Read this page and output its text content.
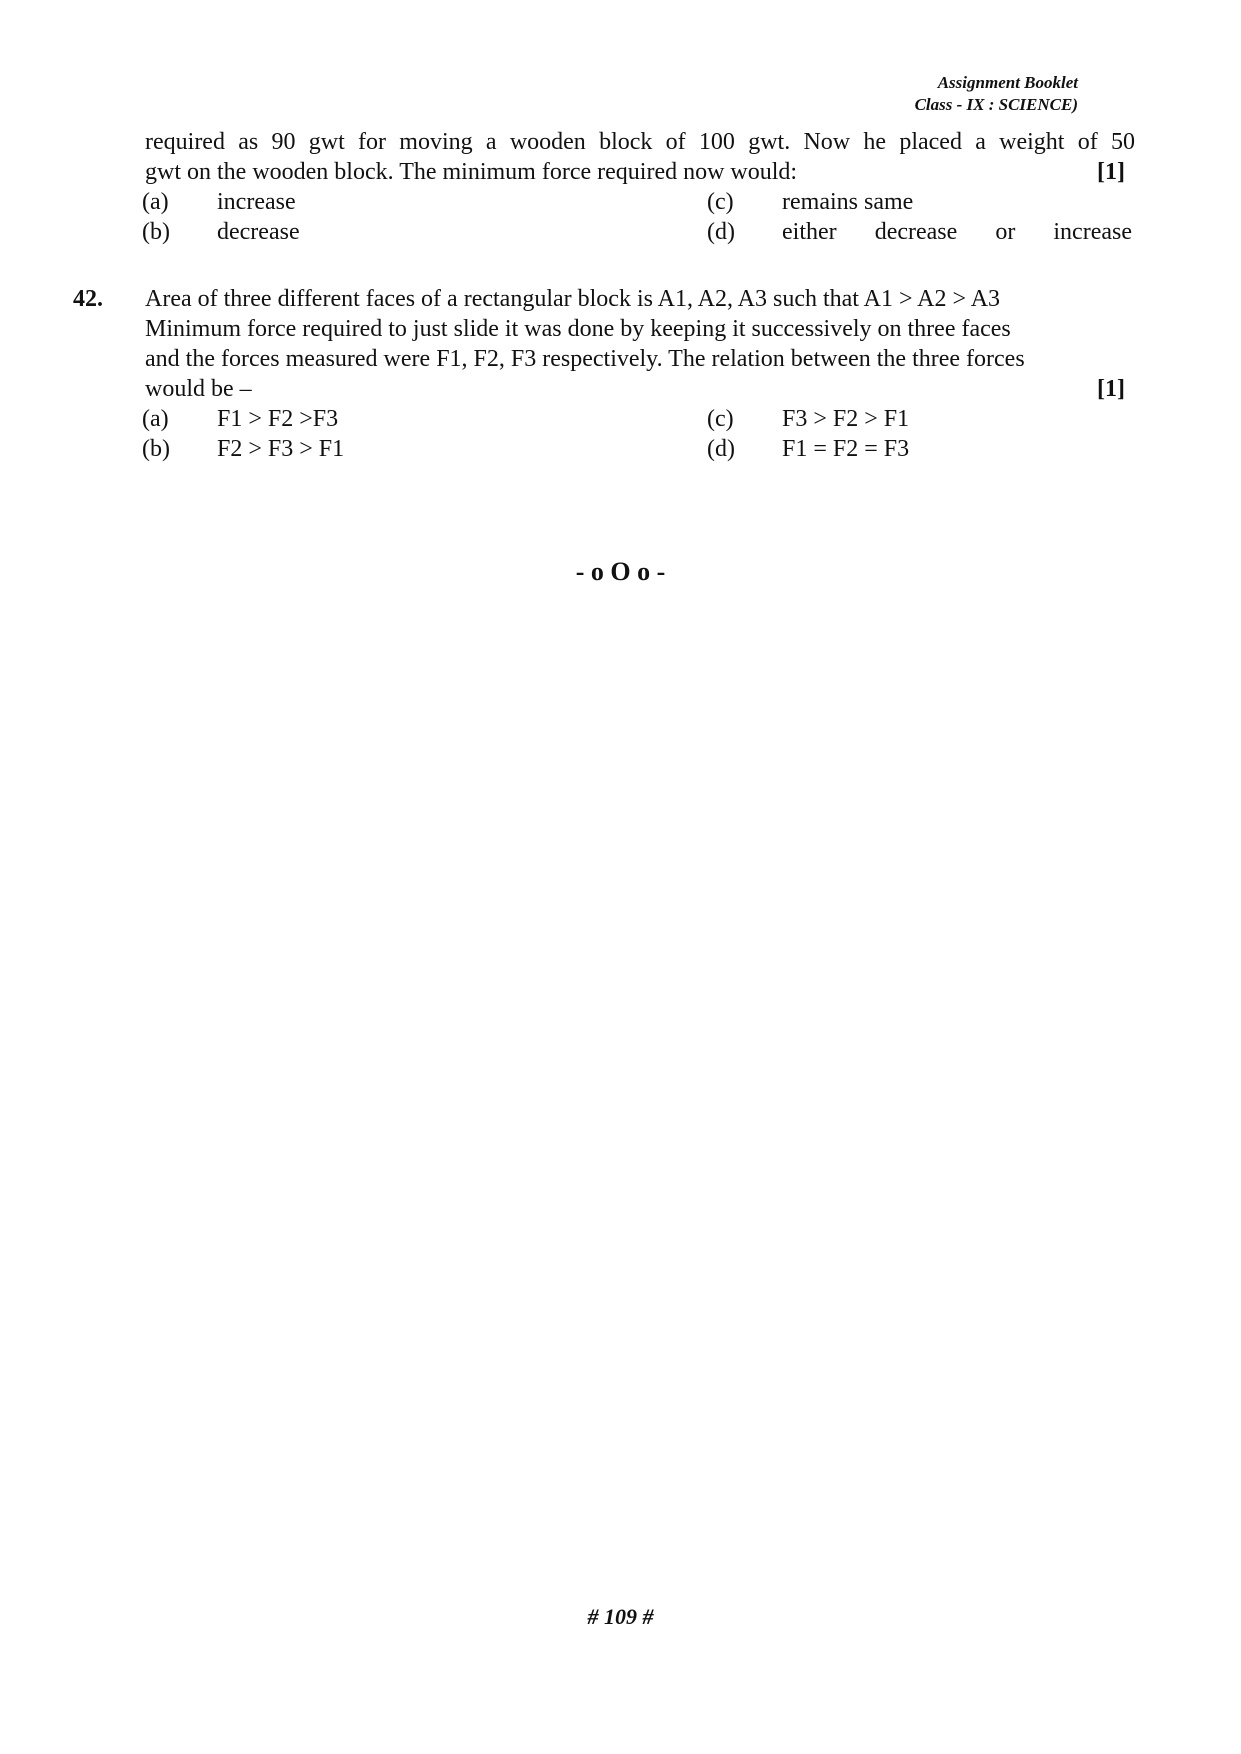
Assignment Booklet
Class - IX : SCIENCE)
required as 90 gwt for moving a wooden block of 100 gwt. Now he placed a weight of 50
gwt on the wooden block. The minimum force required now would:	[1]
(a)	increase
(b)	decrease
(c)	remains same
(d)	either decrease or increase
42. Area of three different faces of a rectangular block is A1, A2, A3 such that A1 > A2 > A3
Minimum force required to just slide it was done by keeping it successively on three faces
and the forces measured were F1, F2, F3 respectively. The relation between the three forces
would be –	[1]
(a)	F1 > F2 >F3
(b)	F2 > F3 > F1
(c)	F3 > F2 > F1
(d)	F1 = F2 = F3
- o O o -
# 109 #
